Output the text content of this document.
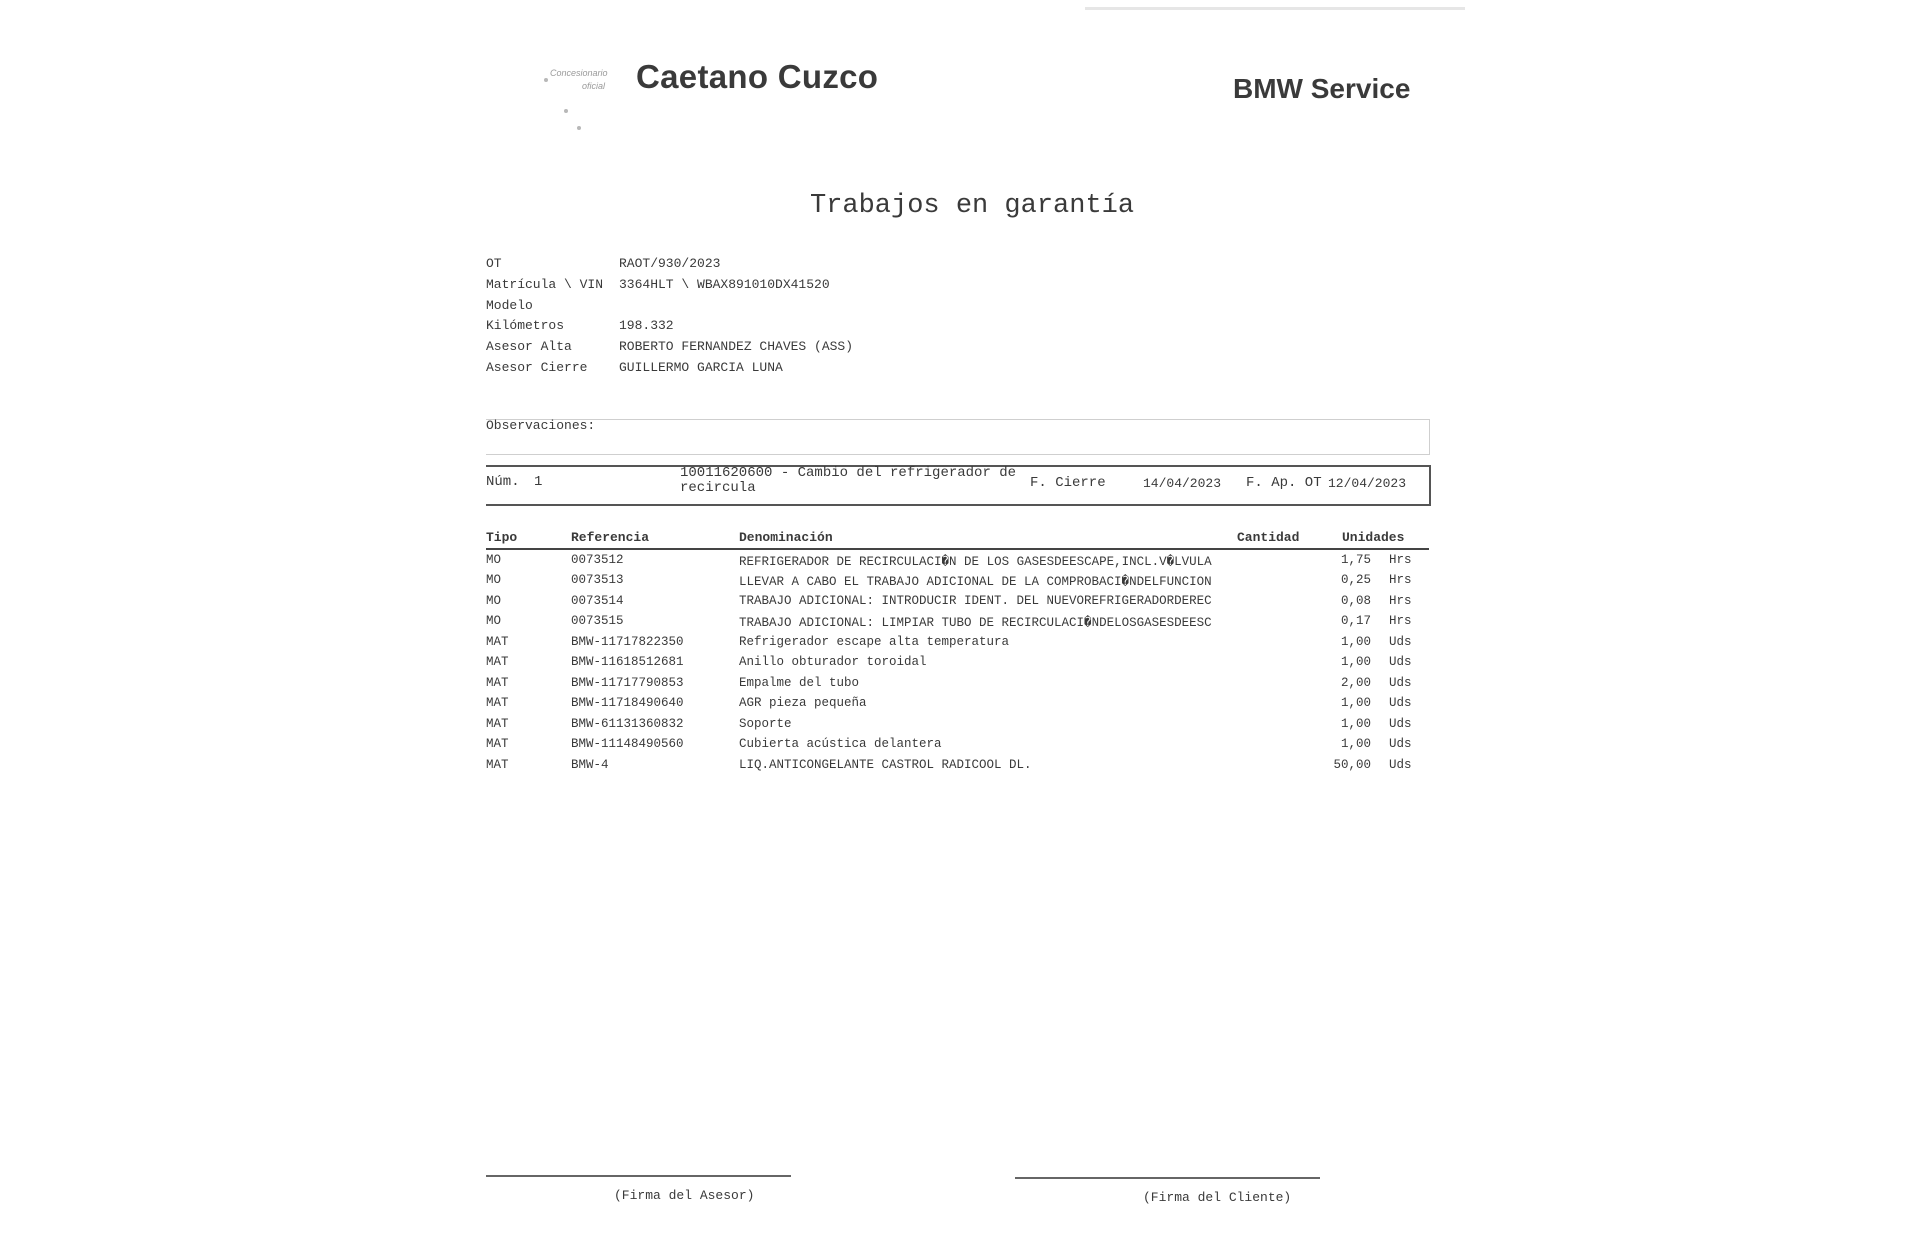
Concesionario
oficial Caetano Cuzco	BMW Service
Trabajos en garantía
OT	RAOT/930/2023
Matrícula \ VIN	3364HLT \ WBAX891010DX41520
Modelo
Kilómetros	198.332
Asesor Alta	ROBERTO FERNANDEZ CHAVES (ASS)
Asesor Cierre	GUILLERMO GARCIA LUNA
Observaciones:
Núm. 1
10011620600 - Cambio del refrigerador de recircula	F. Cierre	14/04/2023 F. Ap. OT 12/04/2023
Tipo	Referencia	Denominación	Cantidad	Unidades
MO	0073512	REFRIGERADOR DE RECIRCULACI�N DE LOS GASESDEESCAPE,INCL.V�LVULA	1,75 Hrs
MO	0073513	LLEVAR A CABO EL TRABAJO ADICIONAL DE LA COMPROBACI�NDELFUNCION	0,25 Hrs
MO	0073514	TRABAJO ADICIONAL: INTRODUCIR IDENT. DEL NUEVOREFRIGERADORDEREC	0,08 Hrs
MO	0073515	TRABAJO ADICIONAL: LIMPIAR TUBO DE RECIRCULACI�NDELOSGASESDEESC	0,17 Hrs
MAT	BMW-11717822350	Refrigerador escape alta temperatura	1,00 Uds
MAT	BMW-11618512681	Anillo obturador toroidal	1,00 Uds
MAT	BMW-11717790853	Empalme del tubo	2,00 Uds
MAT	BMW-11718490640	AGR pieza pequeña	1,00 Uds
MAT	BMW-61131360832	Soporte	1,00 Uds
MAT	BMW-11148490560	Cubierta acústica delantera	1,00 Uds
MAT	BMW-4	LIQ.ANTICONGELANTE CASTROL RADICOOL DL.	50,00 Uds
(Firma del Asesor)	(Firma del Cliente)
